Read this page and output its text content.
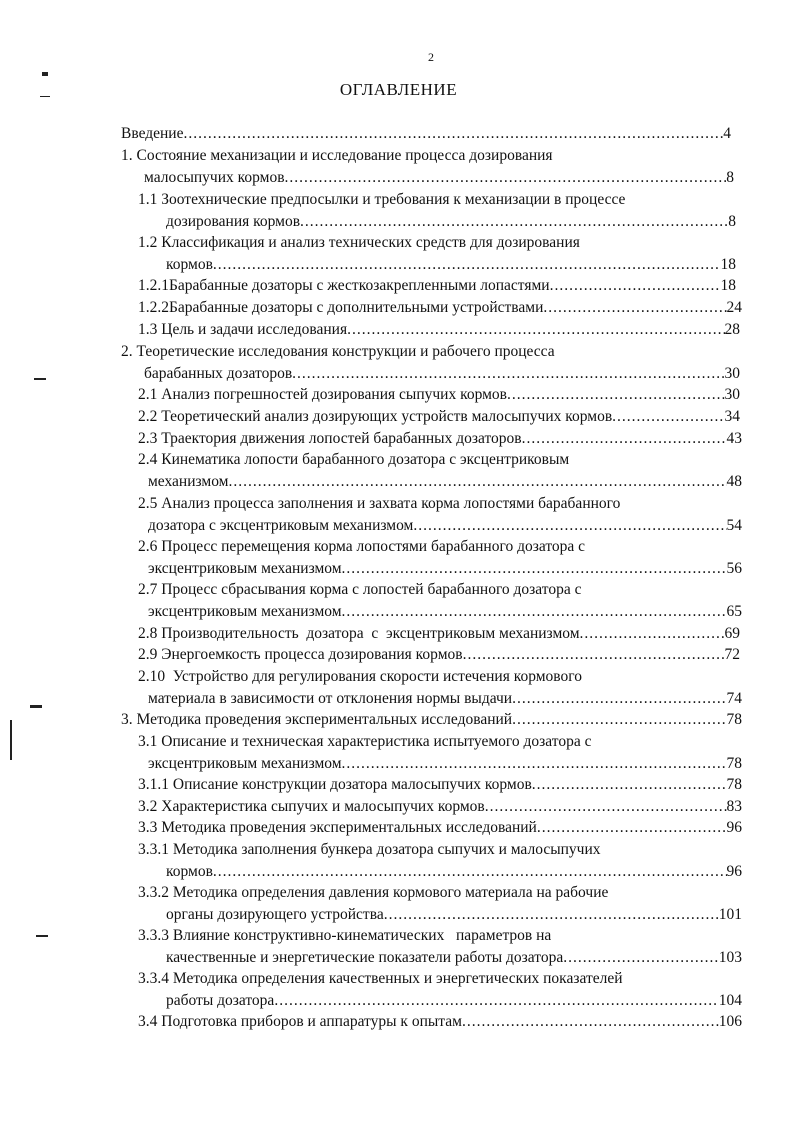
2
ОГЛАВЛЕНИЕ
Введение .....	4
1. Состояние механизации и исследование процесса дозирования
малосыпучих кормов .....	8
1.1 Зоотехнические предпосылки и требования к механизации в процессе
дозирования кормов .....	8
1.2 Классификация и анализ технических средств для дозирования
кормов .....	18
1.2.1 Барабанные дозаторы с жесткозакрепленными лопастями .....	18
1.2.2 Барабанные дозаторы с дополнительными устройствами .....	24
1.3 Цель и задачи исследования .....	28
2. Теоретические исследования конструкции и рабочего процесса
барабанных дозаторов .....	30
2.1 Анализ погрешностей дозирования сыпучих кормов .....	30
2.2 Теоретический анализ дозирующих устройств малосыпучих кормов .....	34
2.3 Траектория движения лопостей барабанных дозаторов .....	43
2.4 Кинематика лопости барабанного дозатора с эксцентриковым
механизмом .....	48
2.5 Анализ процесса заполнения и захвата корма лопостями барабанного
дозатора с эксцентриковым механизмом .....	54
2.6 Процесс перемещения корма лопостями барабанного дозатора с
эксцентриковым механизмом .....	56
2.7 Процесс сбрасывания корма с лопостей барабанного дозатора с
эксцентриковым механизмом .....	65
2.8 Производительность  дозатора  с  эксцентриковым механизмом .....	69
2.9 Энергоемкость процесса дозирования кормов .....	72
2.10  Устройство для регулирования скорости истечения кормового
материала в зависимости от отклонения нормы выдачи .....	74
3. Методика проведения экспериментальных исследований .....	78
3.1 Описание и техническая характеристика испытуемого дозатора с
эксцентриковым механизмом .....	78
3.1.1 Описание конструкции дозатора малосыпучих кормов .....	78
3.2 Характеристика сыпучих и малосыпучих кормов .....	83
3.3 Методика проведения экспериментальных исследований .....	96
3.3.1 Методика заполнения бункера дозатора сыпучих и малосыпучих
кормов .....	96
3.3.2 Методика определения давления кормового материала на рабочие
органы дозирующего устройства .....	101
3.3.3 Влияние конструктивно-кинематических   параметров на
качественные и энергетические показатели работы дозатора .....	103
3.3.4 Методика определения качественных и энергетических показателей
работы дозатора .....	104
3.4 Подготовка приборов и аппаратуры к опытам .....	106
